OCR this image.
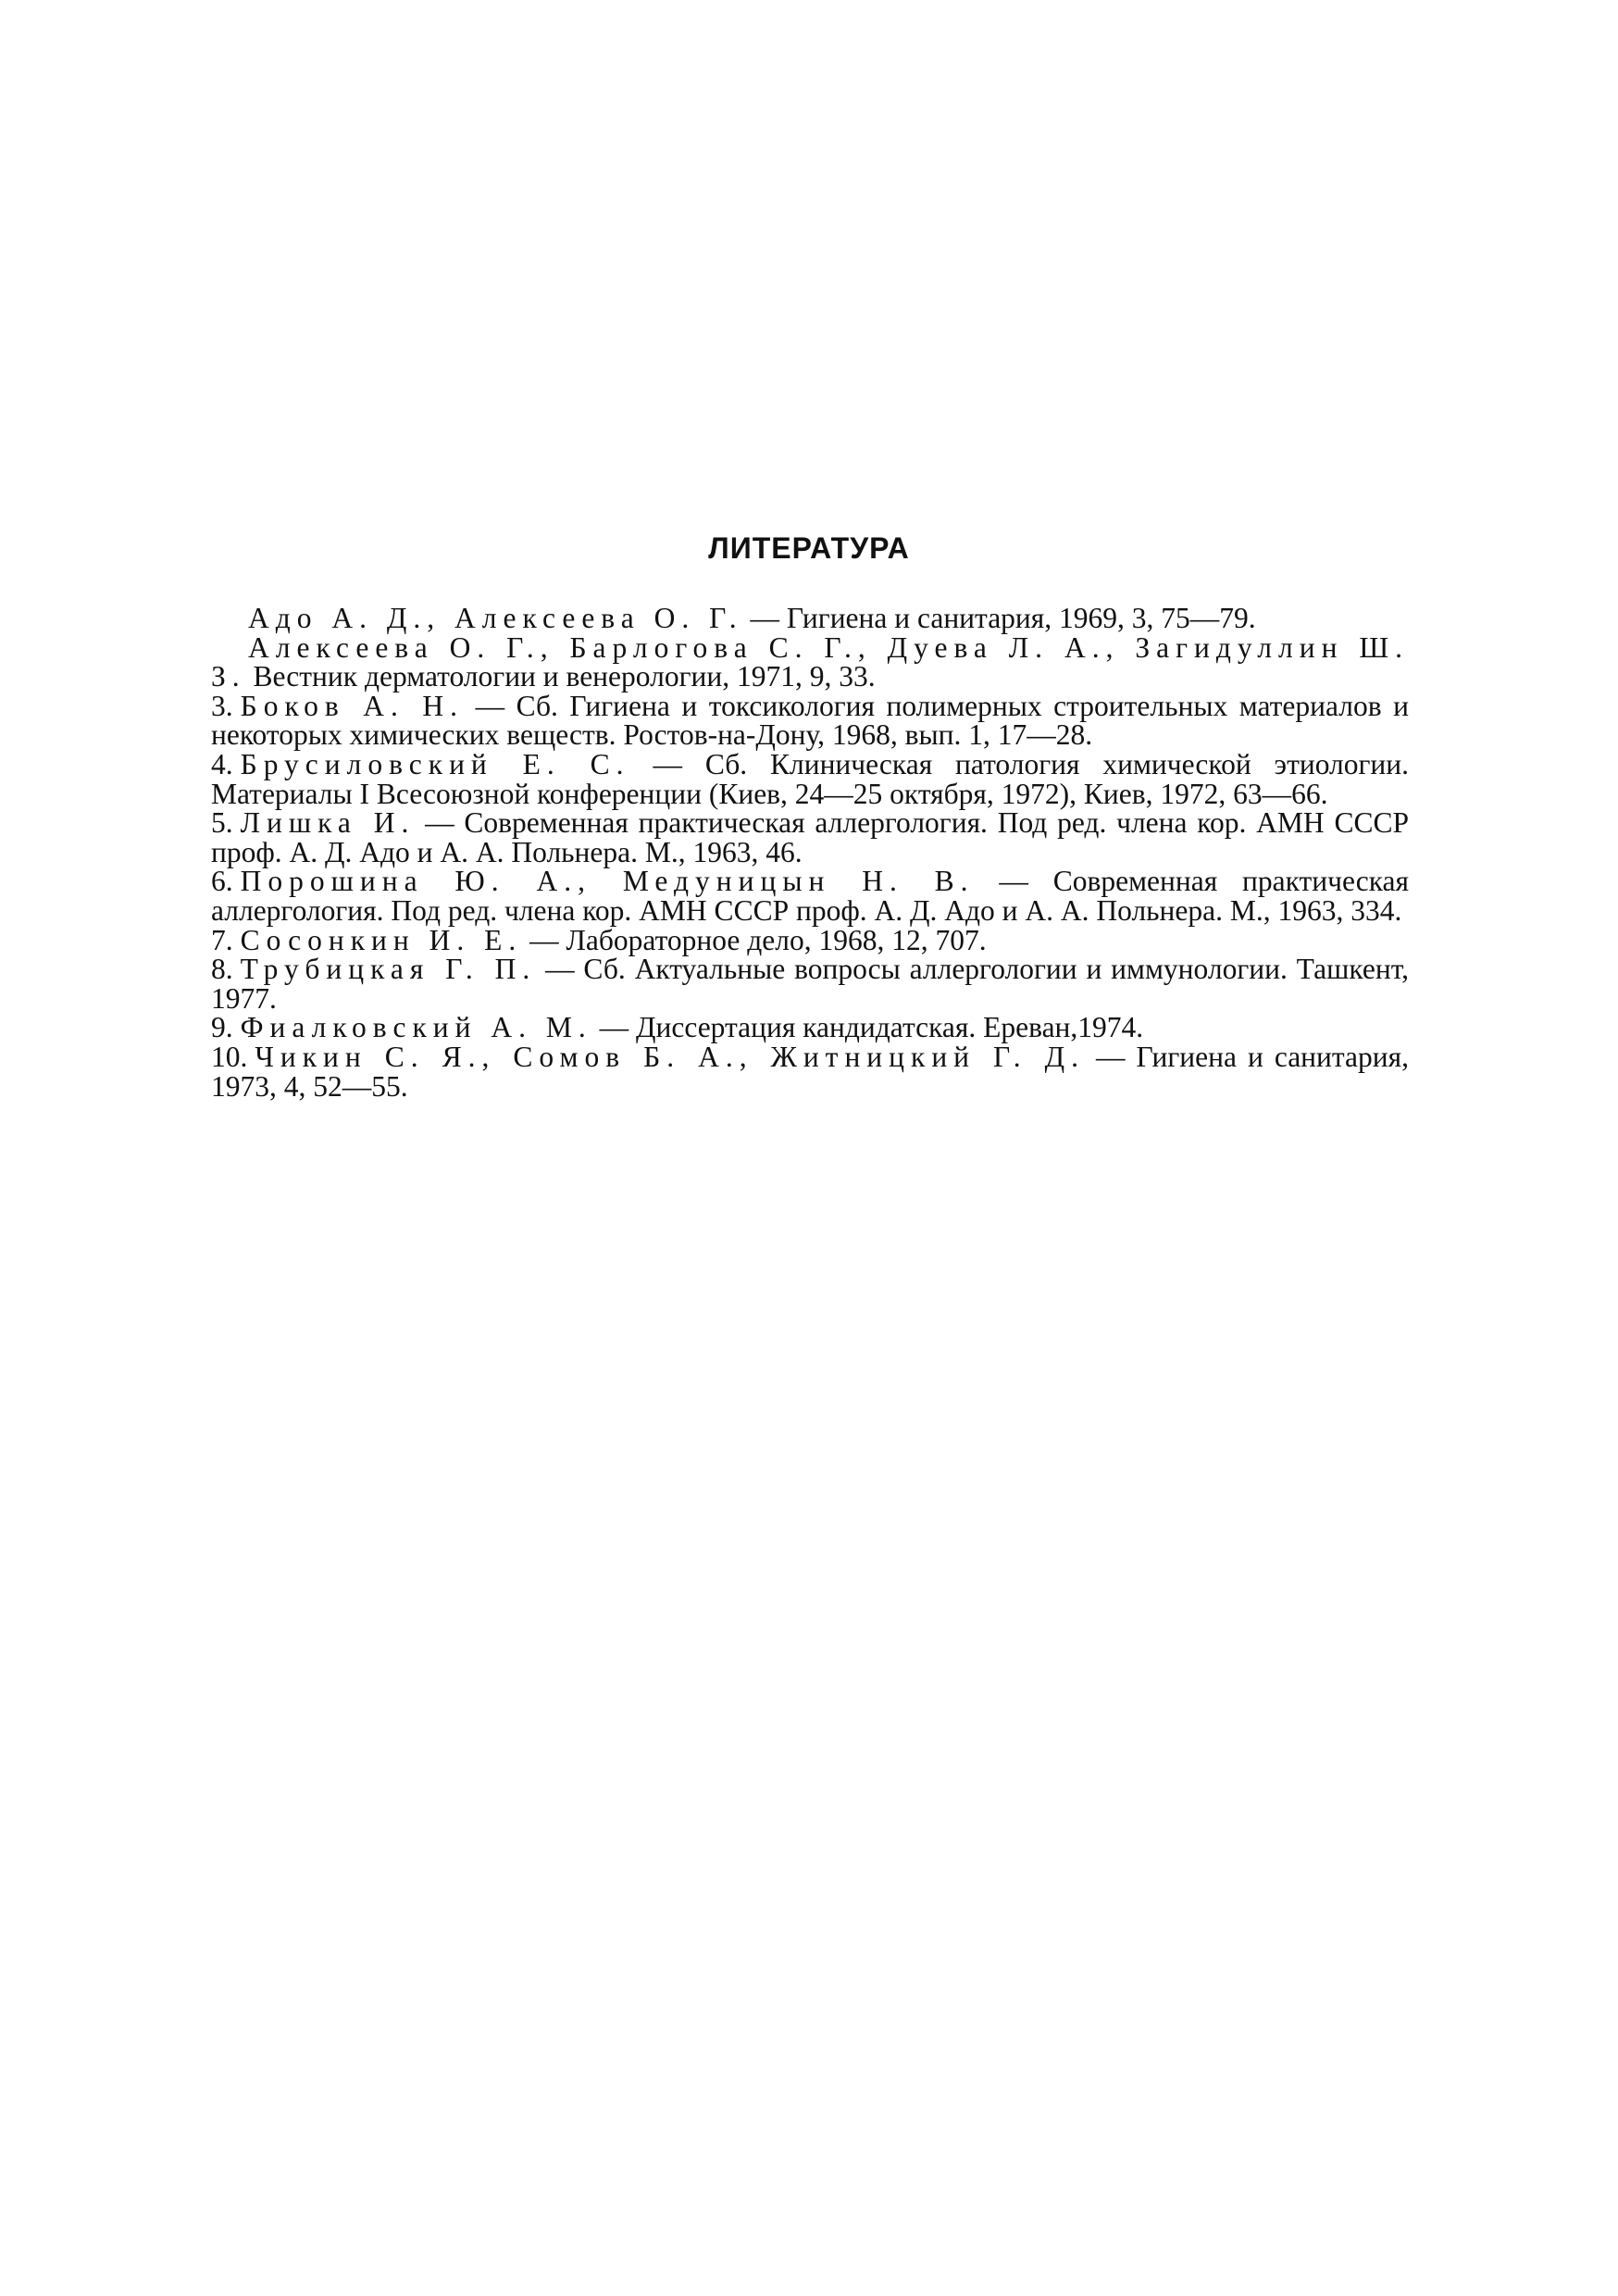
ЛИТЕРАТУРА

Адо А. Д., Алексеева О. Г. — Гигиена и санитария, 1969, 3, 75—79.

Алексеева О. Г., Барлогова С. Г., Дуева Л. А., Загидуллин Ш. З. Вестник дерматологии и венерологии, 1971, 9, 33.

3. Боков А. Н. — Сб. Гигиена и токсикология полимерных строительных материалов и некоторых химических веществ. Ростов-на-Дону, 1968, вып. 1, 17—28.

4. Брусиловский Е. С. — Сб. Клиническая патология химической этиологии. Материалы I Всесоюзной конференции (Киев, 24—25 октября, 1972), Киев, 1972, 63—66.

5. Лишка И. — Современная практическая аллергология. Под ред. члена кор. АМН СССР проф. А. Д. Адо и А. А. Польнера. М., 1963, 46.

6. Порошина Ю. А., Медуницын Н. В. — Современная практическая аллергология. Под ред. члена кор. АМН СССР проф. А. Д. Адо и А. А. Польнера. М., 1963, 334.

7. Сосонкин И. Е. — Лабораторное дело, 1968, 12, 707.

8. Трубицкая Г. П. — Сб. Актуальные вопросы аллергологии и иммунологии. Ташкент, 1977.

9. Фиалковский А. М. — Диссертация кандидатская. Ереван,1974.

10. Чикин С. Я., Сомов Б. А., Житницкий Г. Д. — Гигиена и санитария, 1973, 4, 52—55.
